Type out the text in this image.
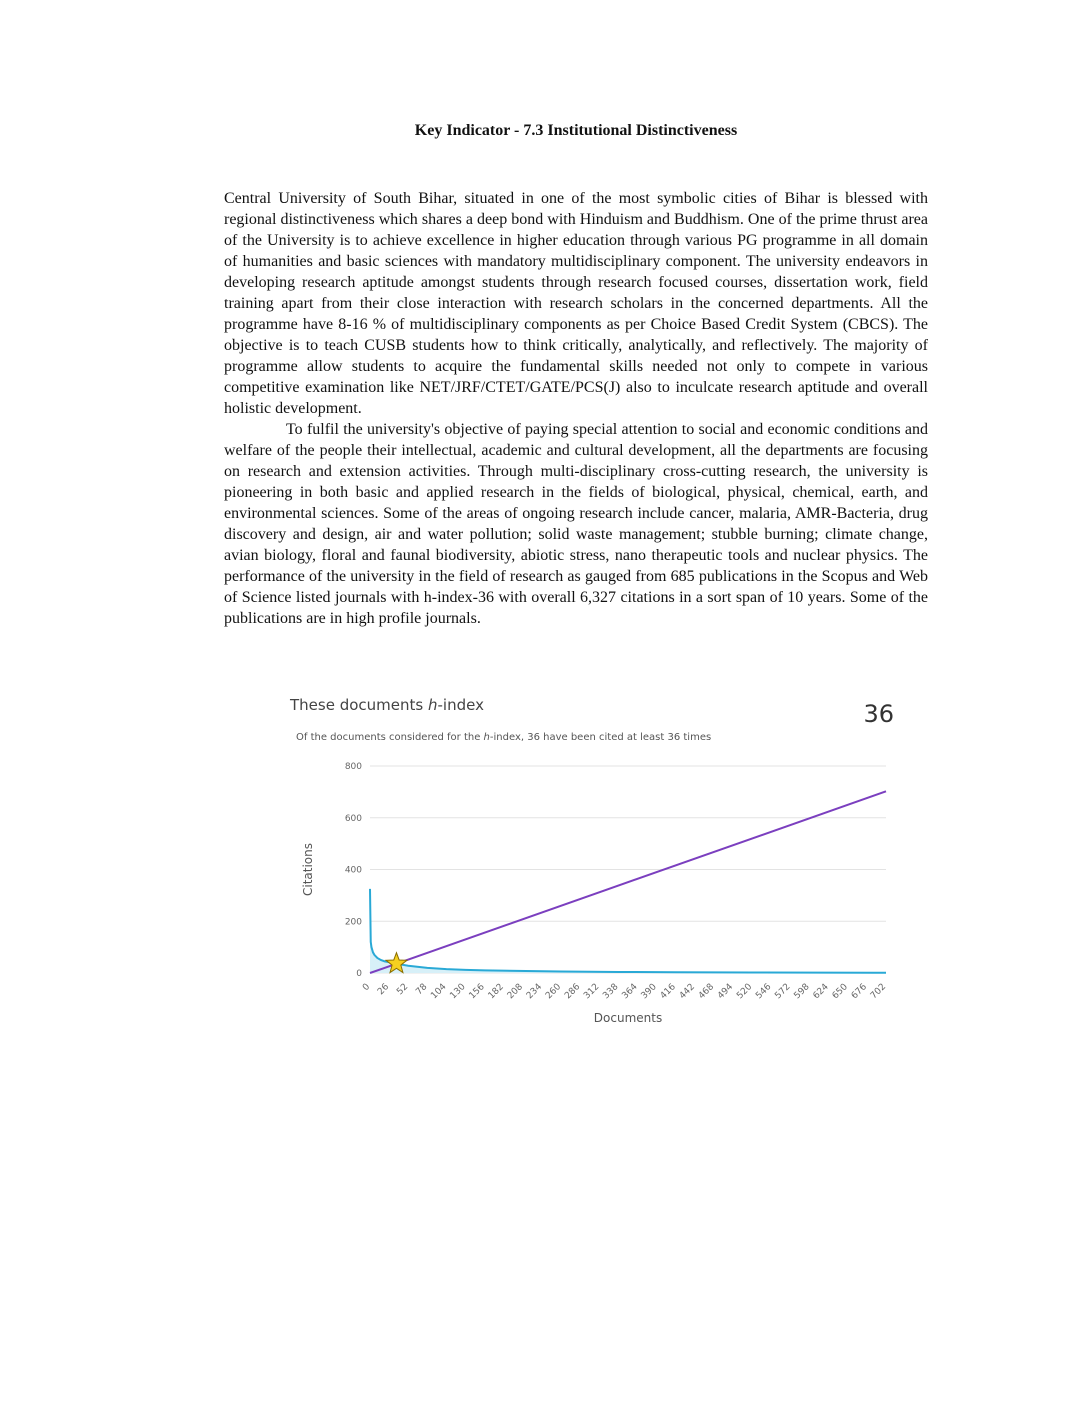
Key Indicator - 7.3 Institutional Distinctiveness

Central University of South Bihar, situated in one of the most symbolic cities of Bihar is blessed with regional distinctiveness which shares a deep bond with Hinduism and Buddhism. One of the prime thrust area of the University is to achieve excellence in higher education through various PG programme in all domain of humanities and basic sciences with mandatory multidisciplinary component. The university endeavors in developing research aptitude amongst students through research focused courses, dissertation work, field training apart from their close interaction with research scholars in the concerned departments. All the programme have 8-16 % of multidisciplinary components as per Choice Based Credit System (CBCS). The objective is to teach CUSB students how to think critically, analytically, and reflectively. The majority of programme allow students to acquire the fundamental skills needed not only to compete in various competitive examination like NET/JRF/CTET/GATE/PCS(J) also to inculcate research aptitude and overall holistic development.

To fulfil the university's objective of paying special attention to social and economic conditions and welfare of the people their intellectual, academic and cultural development, all the departments are focusing on research and extension activities. Through multi-disciplinary cross-cutting research, the university is pioneering in both basic and applied research in the fields of biological, physical, chemical, earth, and environmental sciences. Some of the areas of ongoing research include cancer, malaria, AMR-Bacteria, drug discovery and design, air and water pollution; solid waste management; stubble burning; climate change, avian biology, floral and faunal biodiversity, abiotic stress, nano therapeutic tools and nuclear physics. The performance of the university in the field of research as gauged from 685 publications in the Scopus and Web of Science listed journals with h-index-36 with overall 6,327 citations in a sort span of 10 years. Some of the publications are in high profile journals.

These documents h-index	36
Of the documents considered for the h-index, 36 have been cited at least 36 times
0
200
400
600
800
0 26 52 78 104 130 156 182 208 234 260 286 312 338 364 390 416 442 468 494 520 546 572 598 624 650 676 702
Citations
Documents
